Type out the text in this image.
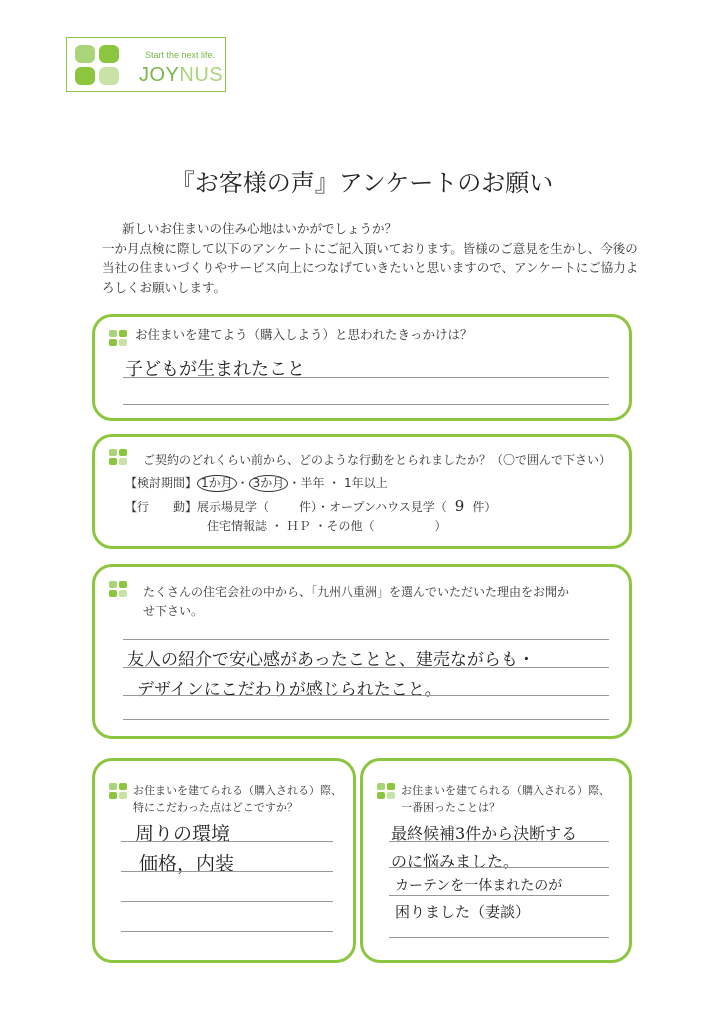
Start the next life.
JOYNUS
『お客様の声』アンケートのお願い

新しいお住まいの住み心地はいかがでしょうか？

一か月点検に際して以下のアンケートにご記入頂いております。皆様のご意見を生かし、今後の当社の住まいづくりやサービス向上につなげていきたいと思いますので、アンケートにご協力よろしくお願いします。

お住まいを建てよう（購入しよう）と思われたきっかけは？
子どもが生まれたこと
ご契約のどれくらい前から、どのような行動をとられましたか？（〇で囲んで下さい）
【検討期間】 1か月 ・ 3か月 ・半年 ・ 1年以上
【行　　動】展示場見学（	件）・オープンハウス見学（ 9 件）
住宅情報誌 ・ ＨＰ ・その他（　　　　　）
たくさんの住宅会社の中から、「九州八重洲」を選んでいただいた理由をお聞か
せ下さい。
友人の紹介で安心感があったことと、建売ながらも・
デザインにこだわりが感じられたこと。
お住まいを建てられる（購入される）際、
特にこだわった点はどこですか？
周りの環境
価格，内装
お住まいを建てられる（購入される）際、
一番困ったことは？
最終候補3件から決断する
のに悩みました。
カーテンを一体まれたのが
困りました（妻談）
